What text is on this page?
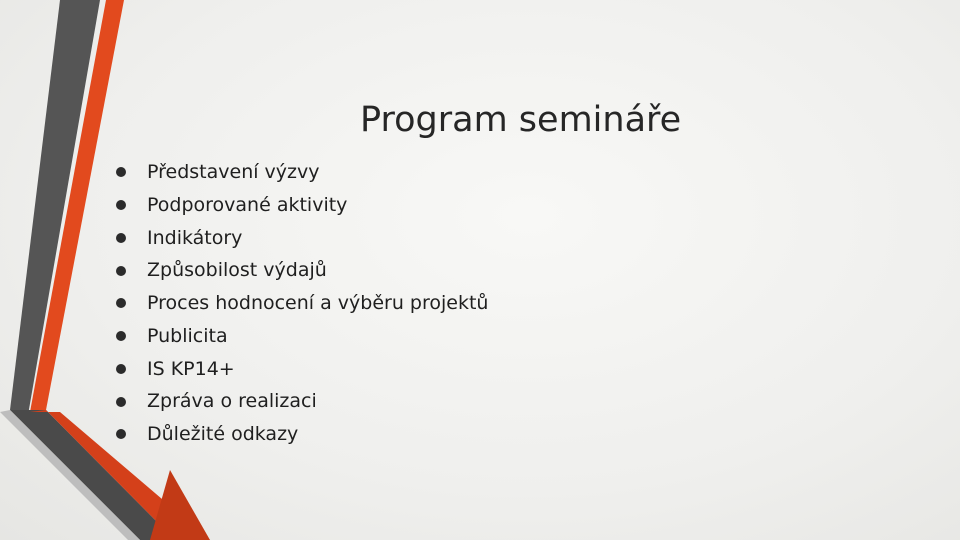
Program semináře
Představení výzvy
Podporované aktivity
Indikátory
Způsobilost výdajů
Proces hodnocení a výběru projektů
Publicita
IS KP14+
Zpráva o realizaci
Důležité odkazy
